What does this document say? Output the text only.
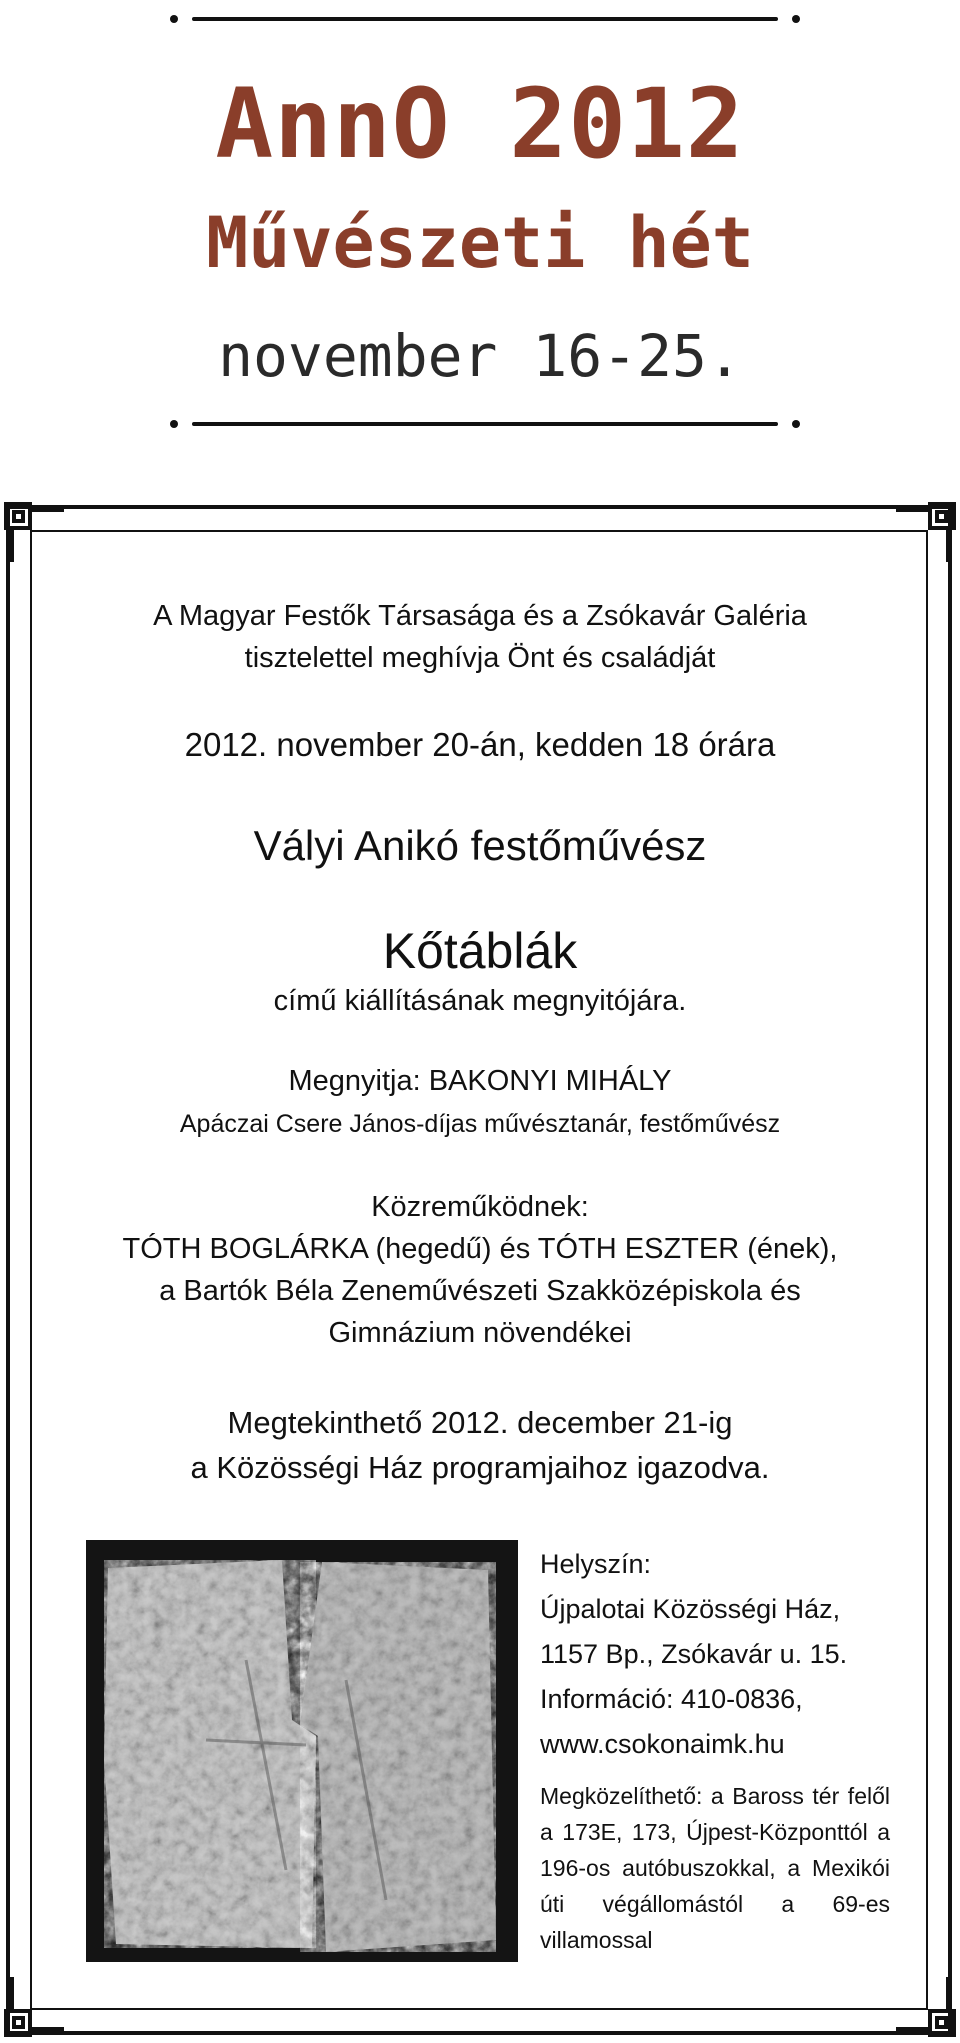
AnnO 2012
Művészeti hét
november 16-25.

A Magyar Festők Társasága és a Zsókavár Galéria tisztelettel meghívja Önt és családját

2012. november 20-án, kedden 18 órára

Vályi Anikó festőművész

Kőtáblák

című kiállításának megnyitójára.

Megnyitja: BAKONYI MIHÁLY

Apáczai Csere János-díjas művésztanár, festőművész

Közreműködnek:
TÓTH BOGLÁRKA (hegedű) és TÓTH ESZTER (ének),
a Bartók Béla Zeneművészeti Szakközépiskola és Gimnázium növendékei
Megtekinthető 2012. december 21-ig
a Közösségi Ház programjaihoz igazodva.
Helyszín:
Újpalotai Közösségi Ház,
1157 Bp., Zsókavár u. 15.
Információ: 410-0836,
www.csokonaimk.hu

Megközelíthető: a Baross tér felől a 173E, 173, Újpest-Központtól a 196-os autóbuszokkal, a Mexikói úti végállomástól a 69-es villamossal
